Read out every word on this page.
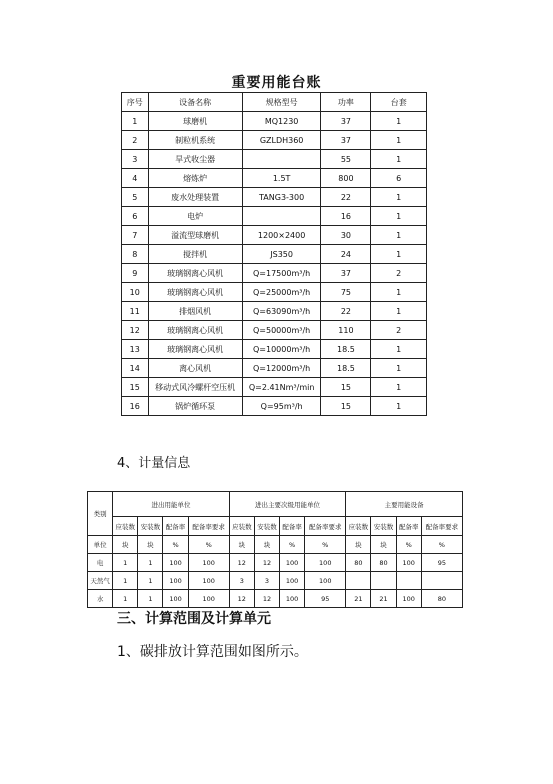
重要用能台账
序号	设备名称	规格型号	功率	台套
1	球磨机	MQ1230	37	1
2	制粒机系统	GZLDH360	37	1
3	旱式收尘器		55	1
4	熔炼炉	1.5T	800	6
5	废水处理装置	TANG3-300	22	1
6	电炉		16	1
7	溢流型球磨机	1200×2400	30	1
8	搅拌机	JS350	24	1
9	玻璃钢离心风机	Q=17500m³/h	37	2
10	玻璃钢离心风机	Q=25000m³/h	75	1
11	排烟风机	Q=63090m³/h	22	1
12	玻璃钢离心风机	Q=50000m³/h	110	2
13	玻璃钢离心风机	Q=10000m³/h	18.5	1
14	离心风机	Q=12000m³/h	18.5	1
15	移动式风冷螺杆空压机	Q=2.41Nm³/min	15	1
16	锅炉循环泵	Q=95m³/h	15	1
4、计量信息
类别	进出用能单位				进出主要次级用能单位				主要用能设备			
	应装数	安装数	配备率	配备率要求	应装数	安装数	配备率	配备率要求	应装数	安装数	配备率	配备率要求
单位	块	块	%	%	块	块	%	%	块	块	%	%
电	1	1	100	100	12	12	100	100	80	80	100	95
天然气	1	1	100	100	3	3	100	100				
水	1	1	100	100	12	12	100	95	21	21	100	80
三、计算范围及计算单元
1、碳排放计算范围如图所示。
